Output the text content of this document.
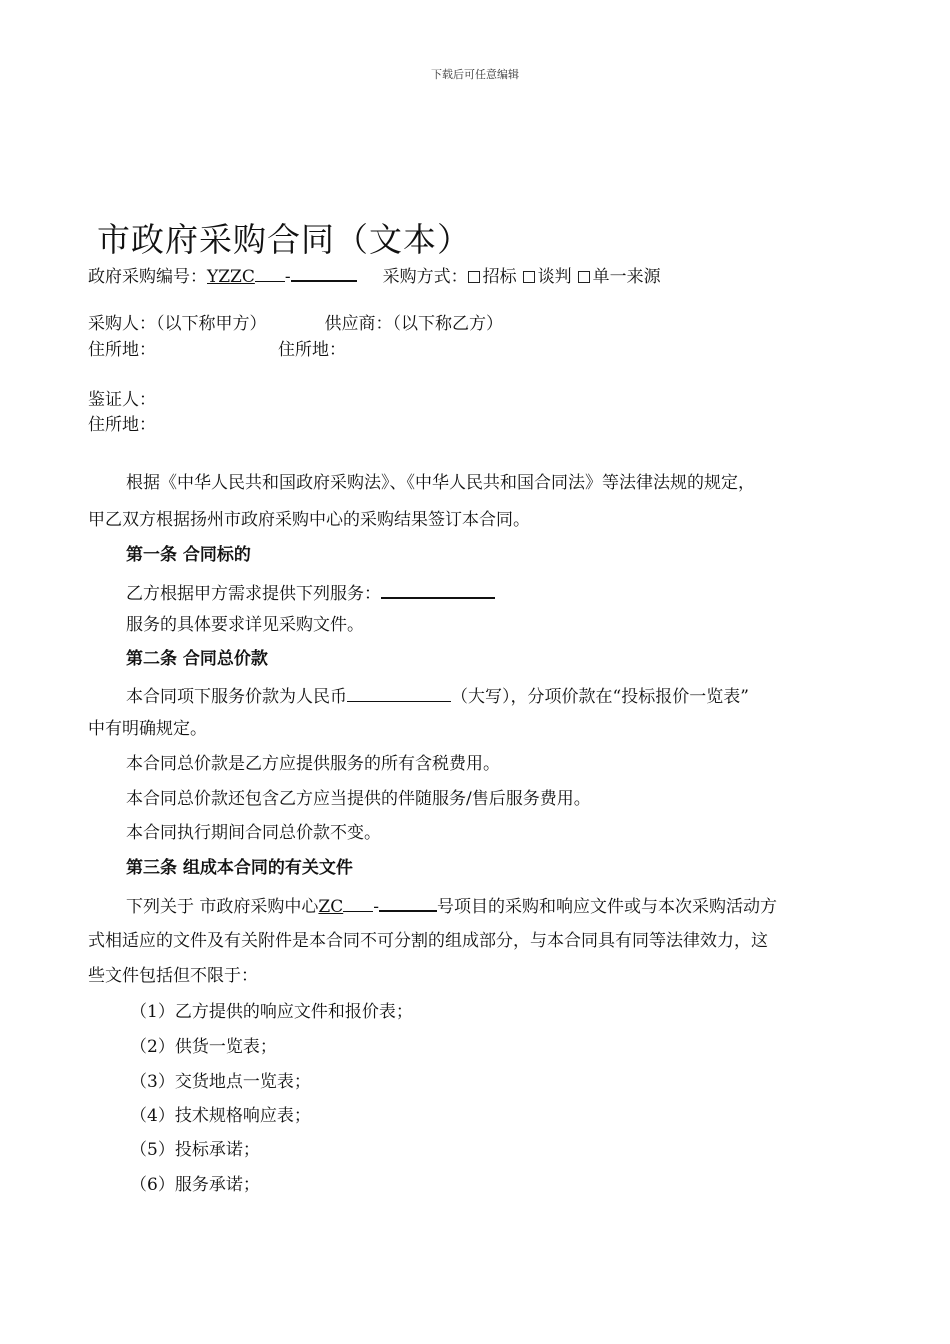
下载后可任意编辑
市政府采购合同（文本）
政府采购编号：YZZC -	采购方式： 招标 谈判 单一来源
采购人：（以下称甲方）	供应商：（以下称乙方）
住所地：	住所地：
鉴证人：
住所地：
根据《中华人民共和国政府采购法》、《中华人民共和国合同法》等法律法规的规定，
甲乙双方根据扬州市政府采购中心的采购结果签订本合同。
第一条 合同标的
乙方根据甲方需求提供下列服务：
服务的具体要求详见采购文件。
第二条 合同总价款
本合同项下服务价款为人民币	（大写），分项价款在“投标报价一览表”
中有明确规定。
本合同总价款是乙方应提供服务的所有含税费用。
本合同总价款还包含乙方应当提供的伴随服务/售后服务费用。
本合同执行期间合同总价款不变。
第三条 组成本合同的有关文件
下列关于 市政府采购中心ZC -	号项目的采购和响应文件或与本次采购活动方
式相适应的文件及有关附件是本合同不可分割的组成部分，与本合同具有同等法律效力，这
些文件包括但不限于：
（1）乙方提供的响应文件和报价表；
（2）供货一览表；
（3）交货地点一览表；
（4）技术规格响应表；
（5）投标承诺；
（6）服务承诺；
